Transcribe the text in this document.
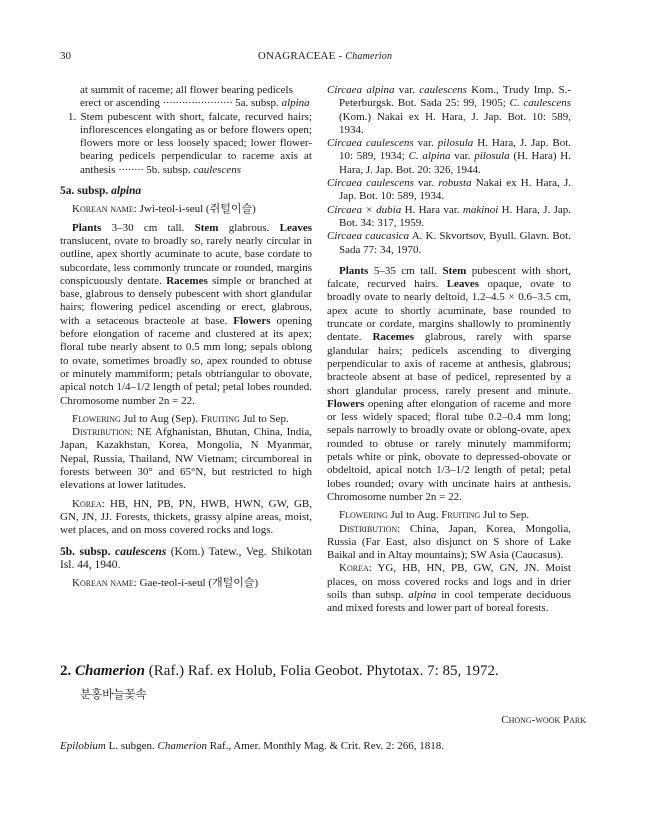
30	ONAGRACEAE - Chamerion

at summit of raceme; all flower bearing pedicels
erect or ascending ······················ 5a. subsp. alpina

1. Stem pubescent with short, falcate, recurved hairs; inflorescences elongating as or before flowers open; flowers more or less loosely spaced; lower flower-bearing pedicels perpendicular to raceme axis at anthesis ········ 5b. subsp. caulescens

5a. subsp. alpina

Korean name: Jwi-teol-i-seul (쥐털이슬)

Plants 3–30 cm tall. Stem glabrous. Leaves translucent, ovate to broadly so, rarely nearly circular in outline, apex shortly acuminate to acute, base cordate to subcordate, less commonly truncate or rounded, margins conspicuously dentate. Racemes simple or branched at base, glabrous to densely pubescent with short glandular hairs; flowering pedicel ascending or erect, glabrous, with a setaceous bracteole at base. Flowers opening before elongation of raceme and clustered at its apex; floral tube nearly absent to 0.5 mm long; sepals oblong to ovate, sometimes broadly so, apex rounded to obtuse or minutely mammiform; petals obtriangular to obovate, apical notch 1/4–1/2 length of petal; petal lobes rounded. Chromosome number 2n = 22.

Flowering Jul to Aug (Sep). Fruiting Jul to Sep.

Distribution: NE Afghanistan, Bhutan, China, India, Japan, Kazakhstan, Korea, Mongolia, N Myanmar, Nepal, Russia, Thailand, NW Vietnam; circumboreal in forests between 30° and 65°N, but restricted to high elevations at lower latitudes.

Korea: HB, HN, PB, PN, HWB, HWN, GW, GB, GN, JN, JJ. Forests, thickets, grassy alpine areas, moist, wet places, and on moss covered rocks and logs.

5b. subsp. caulescens (Kom.) Tatew., Veg. Shikotan Isl. 44, 1940.

Korean name: Gae-teol-i-seul (개털이슬)

Circaea alpina var. caulescens Kom., Trudy Imp. S.-Peterburgsk. Bot. Sada 25: 99, 1905; C. caulescens (Kom.) Nakai ex H. Hara, J. Jap. Bot. 10: 589, 1934.

Circaea caulescens var. pilosula H. Hara, J. Jap. Bot. 10: 589, 1934; C. alpina var. pilosula (H. Hara) H. Hara, J. Jap. Bot. 20: 326, 1944.

Circaea caulescens var. robusta Nakai ex H. Hara, J. Jap. Bot. 10: 589, 1934.

Circaea × dubia H. Hara var. makinoi H. Hara, J. Jap. Bot. 34: 317, 1959.

Circaea caucasica A. K. Skvortsov, Byull. Glavn. Bot. Sada 77: 34, 1970.

Plants 5–35 cm tall. Stem pubescent with short, falcate, recurved hairs. Leaves opaque, ovate to broadly ovate to nearly deltoid, 1.2–4.5 × 0.6–3.5 cm, apex acute to shortly acuminate, base rounded to truncate or cordate, margins shallowly to prominently dentate. Racemes glabrous, rarely with sparse glandular hairs; pedicels ascending to diverging perpendicular to axis of raceme at anthesis, glabrous; bracteole absent at base of pedicel, represented by a short glandular process, rarely present and minute. Flowers opening after elongation of raceme and more or less widely spaced; floral tube 0.2–0.4 mm long; sepals narrowly to broadly ovate or oblong-ovate, apex rounded to obtuse or rarely minutely mammiform; petals white or pink, obovate to depressed-obovate or obdeltoid, apical notch 1/3–1/2 length of petal; petal lobes rounded; ovary with uncinate hairs at anthesis. Chromosome number 2n = 22.

Flowering Jul to Aug. Fruiting Jul to Sep.

Distribution: China, Japan, Korea, Mongolia, Russia (Far East, also disjunct on S shore of Lake Baikal and in Altay mountains); SW Asia (Caucasus).

Korea: YG, HB, HN, PB, GW, GN, JN. Moist places, on moss covered rocks and logs and in drier soils than subsp. alpina in cool temperate deciduous and mixed forests and lower part of boreal forests.

2. Chamerion (Raf.) Raf. ex Holub, Folia Geobot. Phytotax. 7: 85, 1972.
분홍바늘꽃속
Chong-wook Park
Epilobium L. subgen. Chamerion Raf., Amer. Monthly Mag. & Crit. Rev. 2: 266, 1818.
